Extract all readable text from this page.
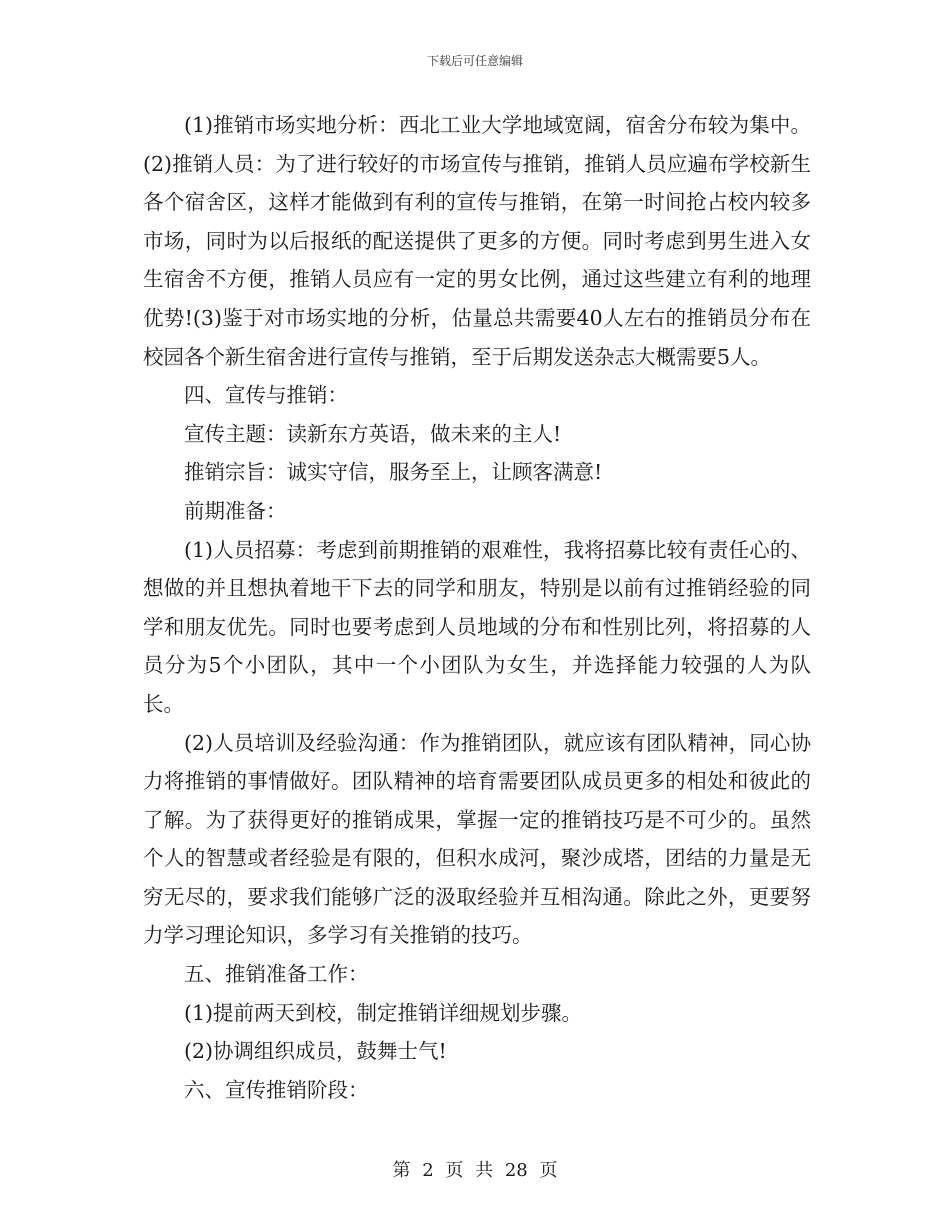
下载后可任意编辑

(1)推销市场实地分析：西北工业大学地域宽阔，宿舍分布较为集中。(2)推销人员：为了进行较好的市场宣传与推销，推销人员应遍布学校新生各个宿舍区，这样才能做到有利的宣传与推销，在第一时间抢占校内较多市场，同时为以后报纸的配送提供了更多的方便。同时考虑到男生进入女生宿舍不方便，推销人员应有一定的男女比例，通过这些建立有利的地理优势!(3)鉴于对市场实地的分析，估量总共需要40人左右的推销员分布在校园各个新生宿舍进行宣传与推销，至于后期发送杂志大概需要5人。

四、宣传与推销：

宣传主题：读新东方英语，做未来的主人!

推销宗旨：诚实守信，服务至上，让顾客满意!

前期准备：

(1)人员招募：考虑到前期推销的艰难性，我将招募比较有责任心的、想做的并且想执着地干下去的同学和朋友，特别是以前有过推销经验的同学和朋友优先。同时也要考虑到人员地域的分布和性别比列，将招募的人员分为5个小团队，其中一个小团队为女生，并选择能力较强的人为队长。

(2)人员培训及经验沟通：作为推销团队，就应该有团队精神，同心协力将推销的事情做好。团队精神的培育需要团队成员更多的相处和彼此的了解。为了获得更好的推销成果，掌握一定的推销技巧是不可少的。虽然个人的智慧或者经验是有限的，但积水成河，聚沙成塔，团结的力量是无穷无尽的，要求我们能够广泛的汲取经验并互相沟通。除此之外，更要努力学习理论知识，多学习有关推销的技巧。

五、推销准备工作：

(1)提前两天到校，制定推销详细规划步骤。

(2)协调组织成员，鼓舞士气!

六、宣传推销阶段：

第 2 页 共 28 页
